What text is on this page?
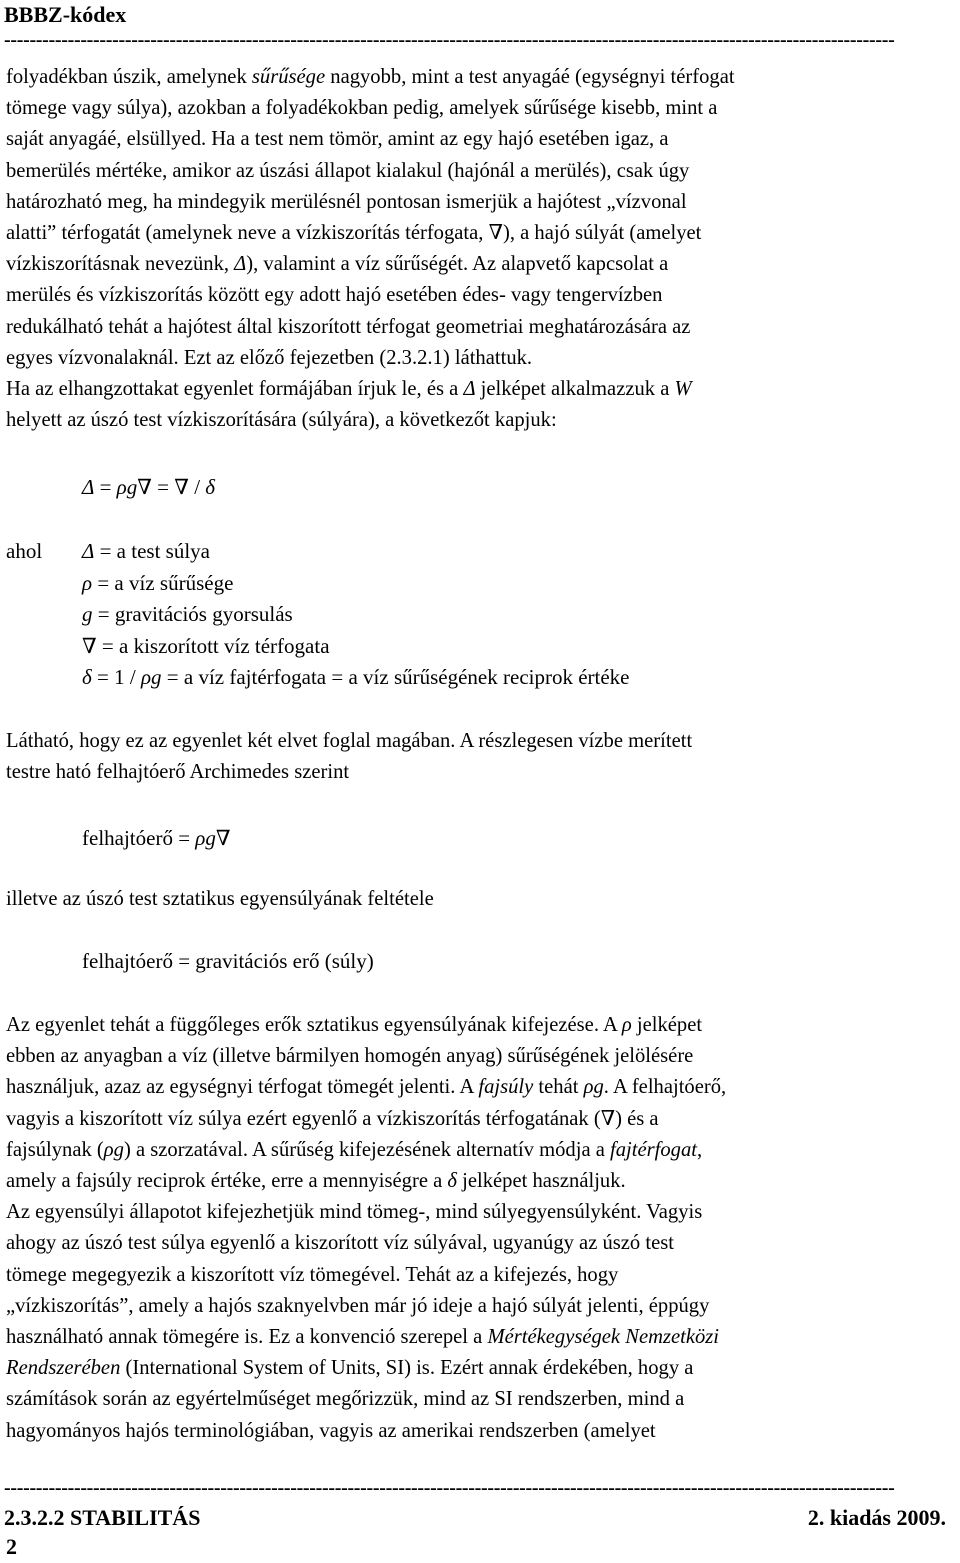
BBBZ-kódex
--------------------------------------------------------------------------------------------------------------------------------------------
folyadékban úszik, amelynek sűrűsége nagyobb, mint a test anyagáé (egységnyi térfogat
tömege vagy súlya), azokban a folyadékokban pedig, amelyek sűrűsége kisebb, mint a
saját anyagáé, elsüllyed. Ha a test nem tömör, amint az egy hajó esetében igaz, a
bemerülés mértéke, amikor az úszási állapot kialakul (hajónál a merülés), csak úgy
határozható meg, ha mindegyik merülésnél pontosan ismerjük a hajótest „vízvonal
alatti” térfogatát (amelynek neve a vízkiszorítás térfogata, ∇), a hajó súlyát (amelyet
vízkiszorításnak nevezünk, Δ), valamint a víz sűrűségét. Az alapvető kapcsolat a
merülés és vízkiszorítás között egy adott hajó esetében édes- vagy tengervízben
redukálható tehát a hajótest által kiszorított térfogat geometriai meghatározására az
egyes vízvonalaknál. Ezt az előző fejezetben (2.3.2.1) láthattuk.
Ha az elhangzottakat egyenlet formájában írjuk le, és a Δ jelképet alkalmazzuk a W
helyett az úszó test vízkiszorítására (súlyára), a következőt kapjuk:
Δ = ρg∇ = ∇ / δ
ahol Δ = a test súlya
ρ = a víz sűrűsége
g = gravitációs gyorsulás
∇ = a kiszorított víz térfogata
δ = 1 / ρg = a víz fajtérfogata = a víz sűrűségének reciprok értéke
Látható, hogy ez az egyenlet két elvet foglal magában. A részlegesen vízbe merített
testre ható felhajtóerő Archimedes szerint
felhajtóerő = ρg∇
illetve az úszó test sztatikus egyensúlyának feltétele
felhajtóerő = gravitációs erő (súly)
Az egyenlet tehát a függőleges erők sztatikus egyensúlyának kifejezése. A ρ jelképet
ebben az anyagban a víz (illetve bármilyen homogén anyag) sűrűségének jelölésére
használjuk, azaz az egységnyi térfogat tömegét jelenti. A fajsúly tehát ρg. A felhajtóerő,
vagyis a kiszorított víz súlya ezért egyenlő a vízkiszorítás térfogatának (∇) és a
fajsúlynak (ρg) a szorzatával. A sűrűség kifejezésének alternatív módja a fajtérfogat,
amely a fajsúly reciprok értéke, erre a mennyiségre a δ jelképet használjuk.
Az egyensúlyi állapotot kifejezhetjük mind tömeg-, mind súlyegyensúlyként. Vagyis
ahogy az úszó test súlya egyenlő a kiszorított víz súlyával, ugyanúgy az úszó test
tömege megegyezik a kiszorított víz tömegével. Tehát az a kifejezés, hogy
„vízkiszorítás”, amely a hajós szaknyelvben már jó ideje a hajó súlyát jelenti, éppúgy
használható annak tömegére is. Ez a konvenció szerepel a Mértékegységek Nemzetközi
Rendszerében (International System of Units, SI) is. Ezért annak érdekében, hogy a
számítások során az egyértelműséget megőrizzük, mind az SI rendszerben, mind a
hagyományos hajós terminológiában, vagyis az amerikai rendszerben (amelyet
--------------------------------------------------------------------------------------------------------------------------------------------
2.3.2.2 STABILITÁS	2. kiadás 2009.
2
